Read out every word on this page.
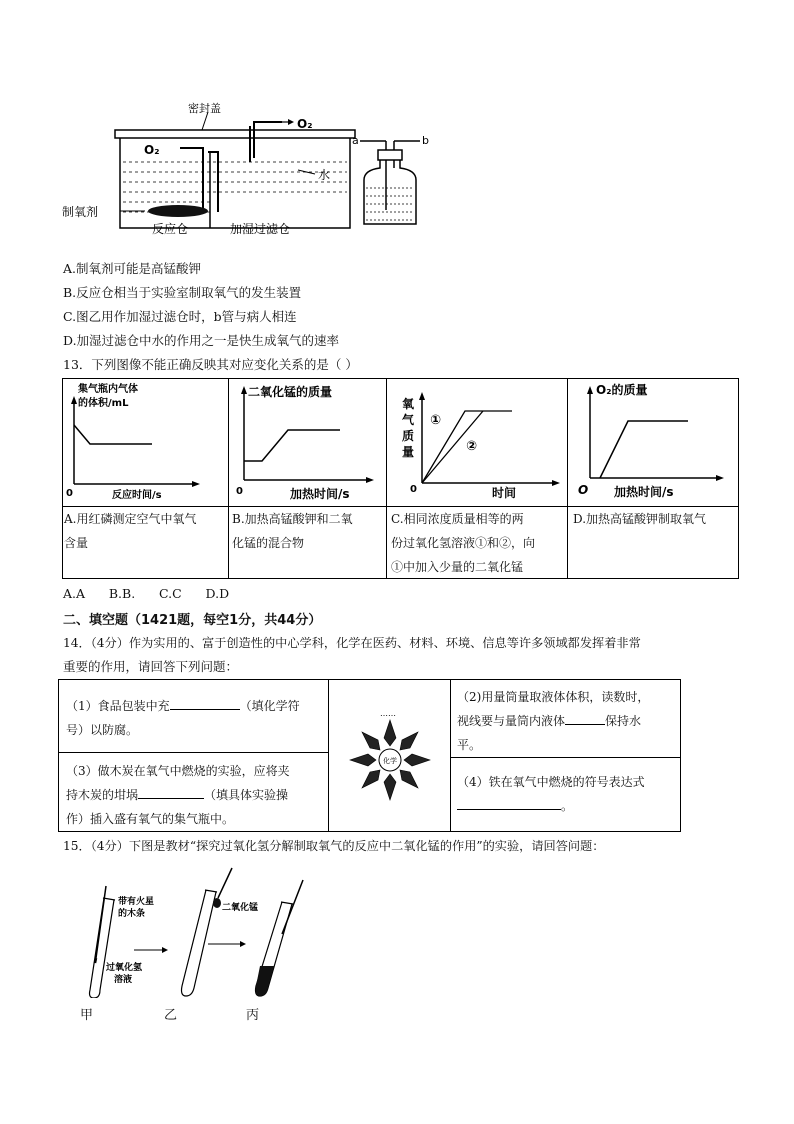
密封盖
O₂
O₂
水
制氧剂
反应仓	加湿过滤仓
a	b
A.制氧剂可能是高锰酸钾
B.反应仓相当于实验室制取氧气的发生装置
C.图乙用作加湿过滤仓时，b管与病人相连
D.加湿过滤仓中水的作用之一是快生成氧气的速率
13．下列图像不能正确反映其对应变化关系的是（ ）
集气瓶内气体
的体积/mL
0	反应时间/s
二氧化锰的质量
0	加热时间/s
氧
气
质
量
①
②
0	时间
O₂的质量
O 加热时间/s
A.用红磷测定空气中氧气
含量
B.加热高锰酸钾和二氧
化锰的混合物
C.相同浓度质量相等的两
份过氧化氢溶液①和②，向
①中加入少量的二氧化锰
D.加热高锰酸钾制取氧气
A.A      B.B.      C.C      D.D
二、填空题（1421题，每空1分，共44分）
14．（4分）作为实用的、富于创造性的中心学科，化学在医药、材料、环境、信息等许多领域都发挥着非常
重要的作用，请回答下列问题：
（1）食品包装中充	（填化学符
号）以防腐。
（2)用量筒量取液体体积，读数时，
视线要与量筒内液体	保持水
平。
（3）做木炭在氧气中燃烧的实验，应将夹
持木炭的坩埚	（填具体实验操
作）插入盛有氧气的集气瓶中。
（4）铁在氧气中燃烧的符号表达式
。
化学
……
15．（4分）下图是教材“探究过氧化氢分解制取氧气的反应中二氧化锰的作用”的实验，请回答问题：
带有火星
的木条
二氧化锰
过氧化氢
溶液
甲	乙	丙
